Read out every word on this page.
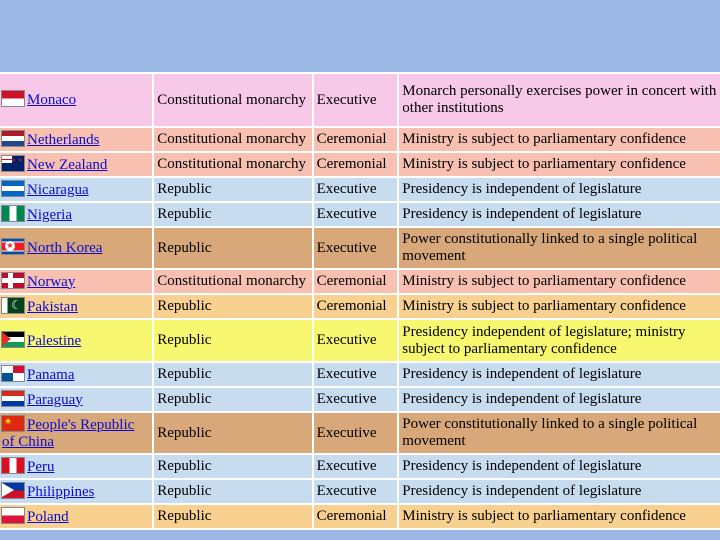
Monaco	Constitutional monarchy	Executive	Monarch personally exercises power in concert with other institutions
Netherlands	Constitutional monarchy	Ceremonial	Ministry is subject to parliamentary confidence
★ ★New Zealand	Constitutional monarchy	Ceremonial	Ministry is subject to parliamentary confidence
Nicaragua	Republic	Executive	Presidency is independent of legislature
Nigeria	Republic	Executive	Presidency is independent of legislature
★North Korea	Republic	Executive	Power constitutionally linked to a single political movement
Norway	Constitutional monarchy	Ceremonial	Ministry is subject to parliamentary confidence
☾Pakistan	Republic	Ceremonial	Ministry is subject to parliamentary confidence
Palestine	Republic	Executive	Presidency independent of legislature; ministry subject to parliamentary confidence
Panama	Republic	Executive	Presidency is independent of legislature
Paraguay	Republic	Executive	Presidency is independent of legislature
★People's Republic of China	Republic	Executive	Power constitutionally linked to a single political movement
Peru	Republic	Executive	Presidency is independent of legislature
Philippines	Republic	Executive	Presidency is independent of legislature
Poland	Republic	Ceremonial	Ministry is subject to parliamentary confidence
